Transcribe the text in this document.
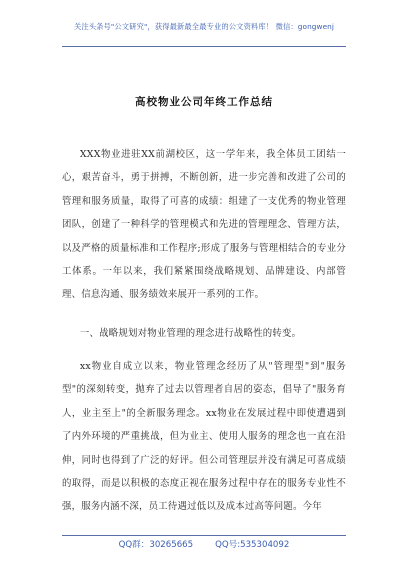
关注头条号"公文研究"，获得最新最全最专业的公文资料库！ 微信：gongwenj
高校物业公司年终工作总结
XXX物业进驻XX前湖校区，这一学年来，我全体员工团结一心，艰苦奋斗，勇于拼搏，不断创新，进一步完善和改进了公司的管理和服务质量，取得了可喜的成绩：组建了一支优秀的物业管理团队，创建了一种科学的管理模式和先进的管理理念、管理方法，以及严格的质量标准和工作程序;形成了服务与管理相结合的专业分工体系。一年以来，我们紧紧围绕战略规划、品牌建设、内部管理、信息沟通、服务绩效来展开一系列的工作。
一、战略规划对物业管理的理念进行战略性的转变。
xx物业自成立以来，物业管理念经历了从"管理型"到"服务型"的深刻转变，抛弃了过去以管理者自居的姿态，倡导了"服务育人，业主至上"的全新服务理念。xx物业在发展过程中即使遭遇到了内外环境的严重挑战，但为业主、使用人服务的理念也一直在沿伸，同时也得到了广泛的好评。但公司管理层并没有满足可喜成绩的取得，而是以积极的态度正视在服务过程中存在的服务专业性不强，服务内涵不深，员工待遇过低以及成本过高等问题。今年
QQ群：30265665	QQ号:535304092
